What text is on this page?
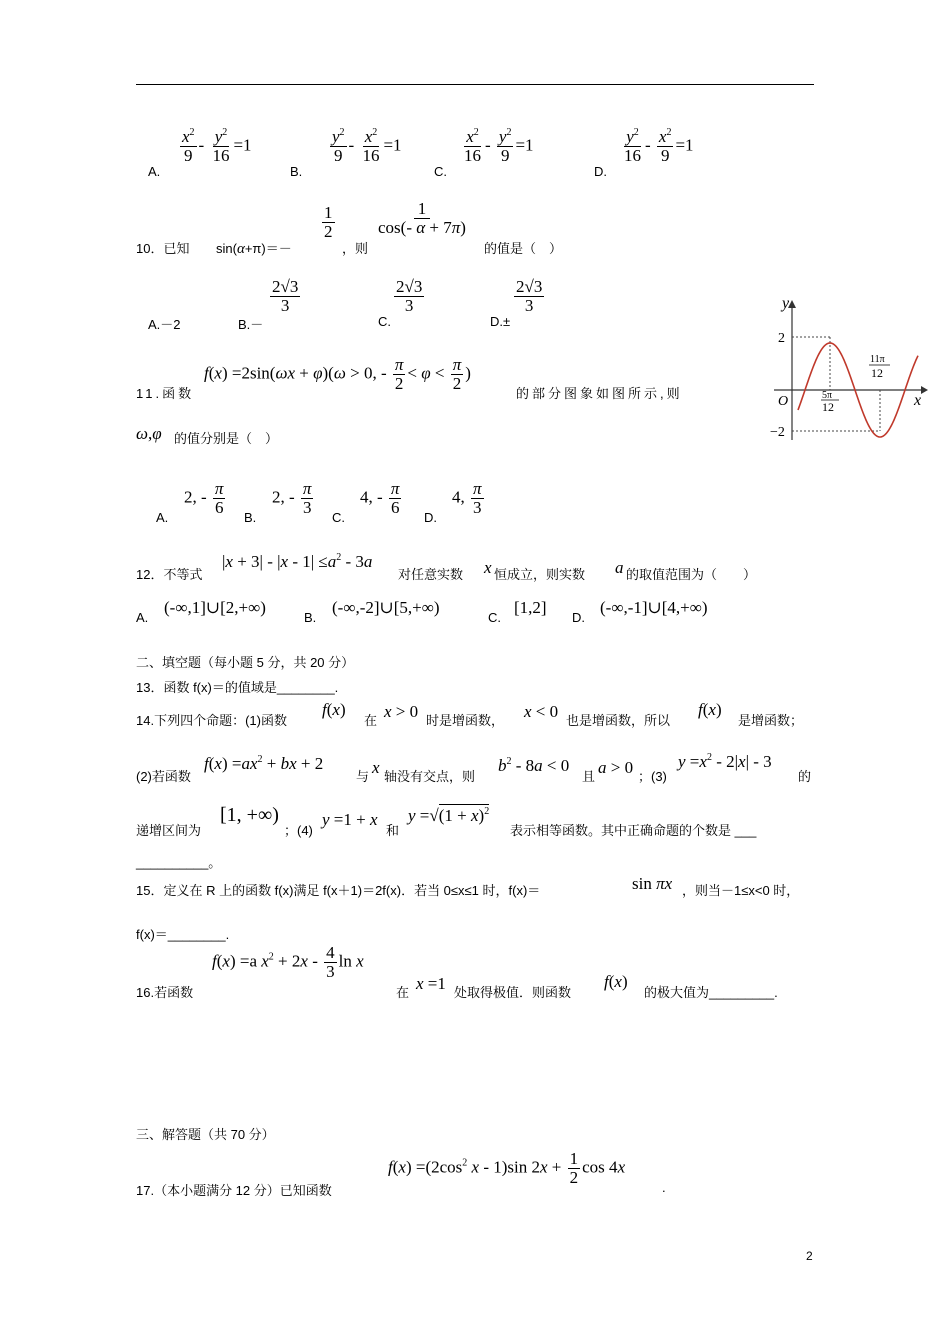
A.
$\frac{x^2}{9} - \frac{y^2}{16} =1$
B.
$\frac{y^2}{9} - \frac{x^2}{16} =1$
C.
$\frac{x^2}{16} - \frac{y^2}{9} =1$
D.
$\frac{y^2}{16} - \frac{x^2}{9} =1$
10．已知 sin(α+π)＝－
$\frac{1}{2}$
，则
$\frac{1}{\cos(- \alpha + 7\pi)}$
的值是（　）
A.－2	B.－
$\frac{2√3}{3}$
C.
$\frac{2√3}{3}$
D.±
$\frac{2√3}{3}$
11.函数
f(x) =2sin(ωx + φ)(ω > 0, - $\frac{\pi}{2} < \varphi < \frac{\pi}{2}$ )
的部分图象如图所示,则
ω,φ 的值分别是（　）
y
x
O
2
−2
5π
12
11π
12
A.
2, - $\frac{\pi}{6}$
B.
2, - $\frac{\pi}{3}$
C.
4, - $\frac{\pi}{6}$
D.
4, $\frac{\pi}{3}$
12．不等式
$|x + 3| - |x - 1| \le a^2 - 3a$
对任意实数 x 恒成立，则实数 a 的取值范围为（　　）
A.
(-∞,1]∪[2,+∞)
B.
(-∞,-2]∪[5,+∞)
C.
[1,2]
D.
(-∞,-1]∪[4,+∞)
二、填空题（每小题 5 分，共 20 分）
13．函数 f(x)＝的值域是________.
14.下列四个命题：(1)函数
f(x)
在 x > 0 时是增函数， x < 0 也是增函数，所以
f(x)
是增函数；
(2)若函数
$f(x) =ax^2$ + bx + 2
与 x 轴没有交点，则
$b^2 - 8a < 0$
且 a > 0 ；(3)
$y =x^2 - 2|x| - 3$
的
递增区间为
[1, +∞)
；(4)
y =1 + x
和
$y =√(1 + x)^2$
表示相等函数。其中正确命题的个数是 ___
__________。
15．定义在 R 上的函数 f(x)满足 f(x＋1)＝2f(x)．若当 0≤x≤1 时，f(x)＝	sin πx ，则当－1≤x<0 时，
f(x)＝________.
16.若函数
f(x) =a $x^2 + 2x - \frac{4}{3}$ ln x
在 x =1 处取得极值．则函数
f(x)
的极大值为_________.
三、解答题（共 70 分）
17.（本小题满分 12 分）已知函数
$f(x) =(2\cos^2$ x - 1)sin $2x + \frac{1}{2}$ cos 4x
.
2
